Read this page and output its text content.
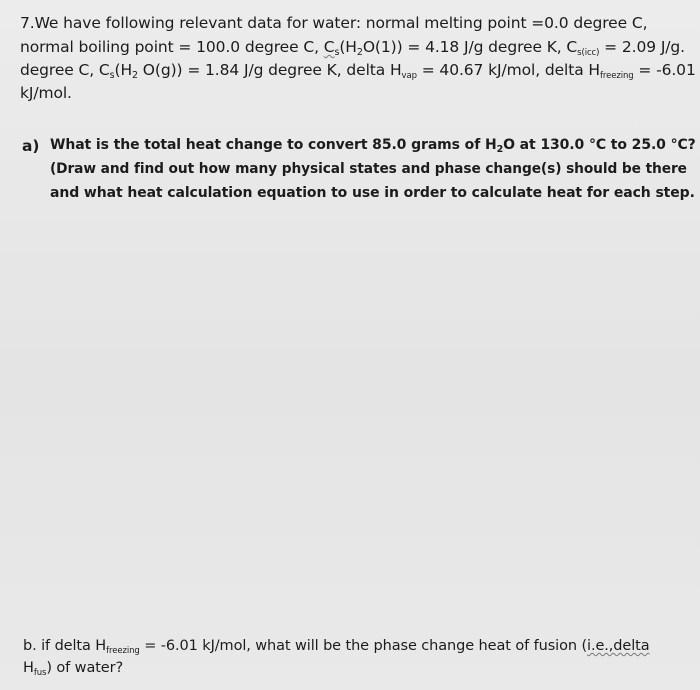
7.We have following relevant data for water: normal melting point =0.0 degree C,
normal boiling point = 100.0 degree C, $C_s(H_2O(1)) = 4.18$ J/g degree K, $C_{s(icc)} = 2.09$ J/g.
degree C, $C_s(H_2$ O(g)) = 1.84 J/g degree K, delta $H_{vap} = 40.67$ kJ/mol, delta $H_{freezing} = -6.01$
kJ/mol.
a) What is the total heat change to convert 85.0 grams of $H_2O$ at 130.0 °C to 25.0 °C?
(Draw and find out how many physical states and phase change(s) should be there
and what heat calculation equation to use in order to calculate heat for each step.
b. if delta $H_{freezing} = -6.01$ kJ/mol, what will be the phase change heat of fusion (i.e.,delta
$H_{fus}$) of water?
